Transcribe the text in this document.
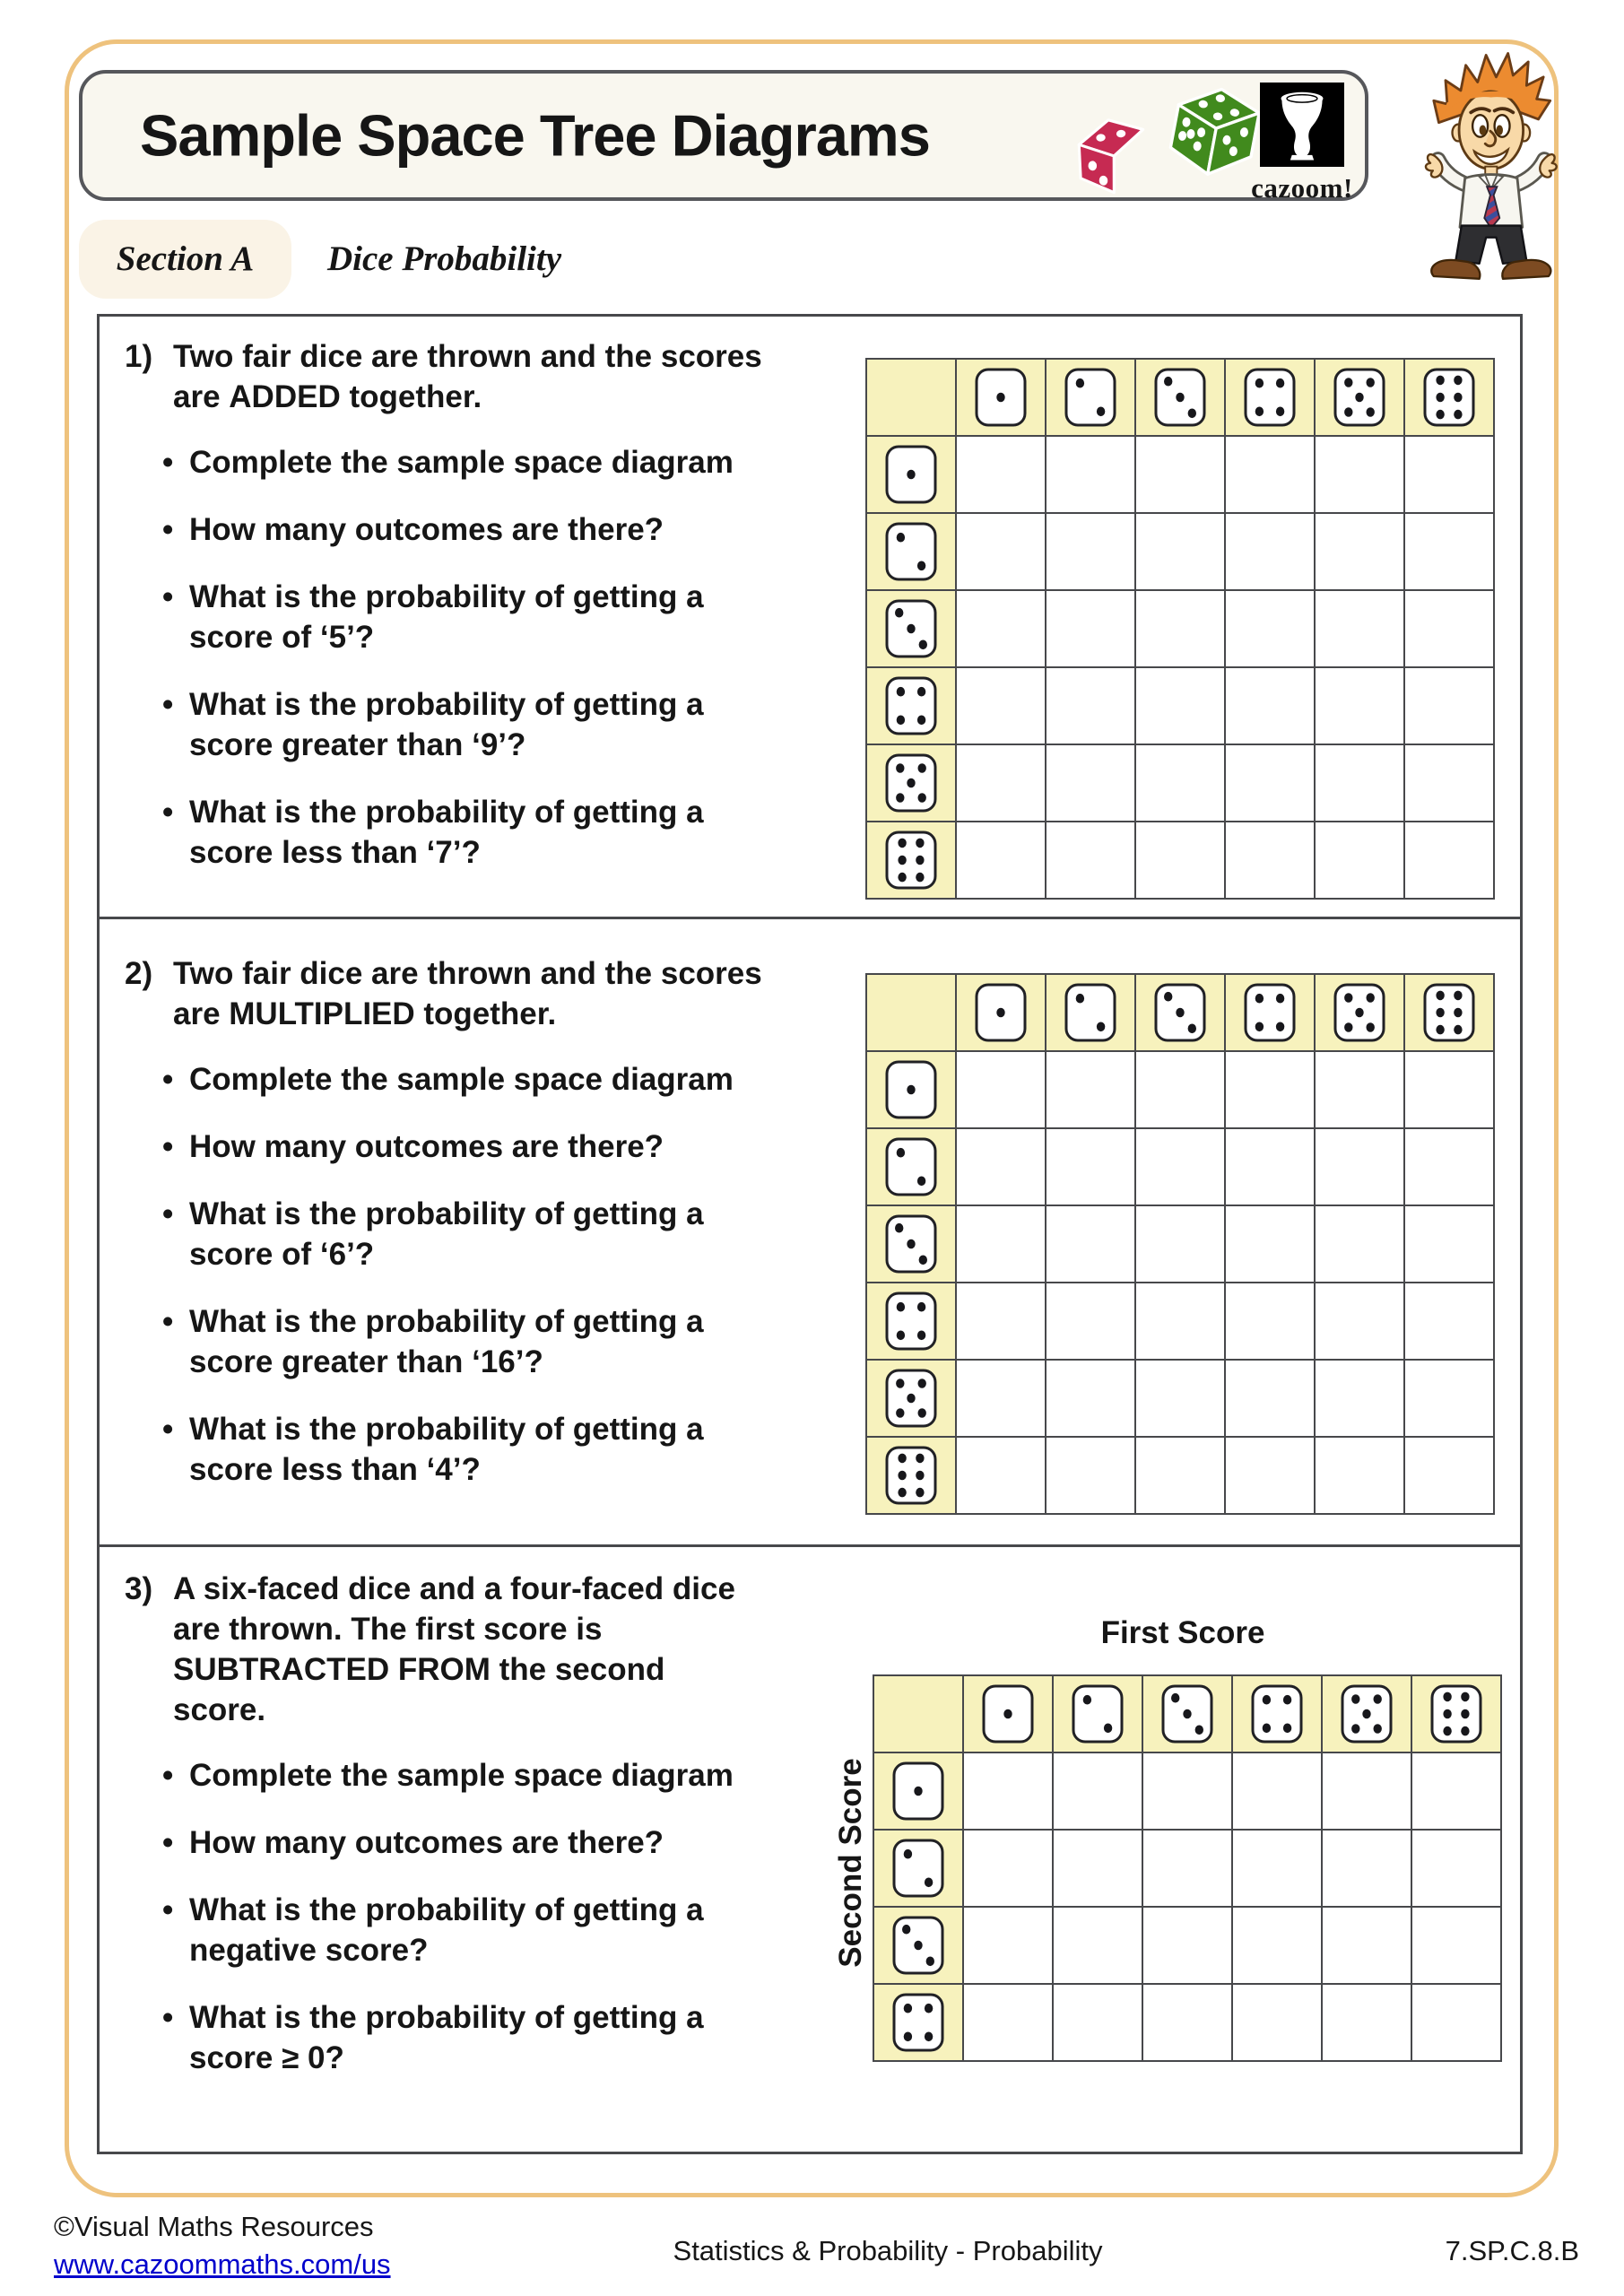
Sample Space Tree Diagrams
cazoom!
Section A	Dice Probability
1) Two fair dice are thrown and the scores are ADDED together.

• Complete the sample space diagram
• How many outcomes are there?
• What is the probability of getting a score of ‘5’?
• What is the probability of getting a score greater than ‘9’?
• What is the probability of getting a score less than ‘7’?

2) Two fair dice are thrown and the scores are MULTIPLIED together.

• Complete the sample space diagram
• How many outcomes are there?
• What is the probability of getting a score of ‘6’?
• What is the probability of getting a score greater than ‘16’?
• What is the probability of getting a score less than ‘4’?

3) A six-faced dice and a four-faced dice are thrown. The first score is SUBTRACTED FROM the second score.

• Complete the sample space diagram
• How many outcomes are there?
• What is the probability of getting a negative score?
• What is the probability of getting a score ≥ 0?
First Score
Second Score

©Visual Maths Resources
www.cazoommaths.com/us	Statistics & Probability - Probability	7.SP.C.8.B
